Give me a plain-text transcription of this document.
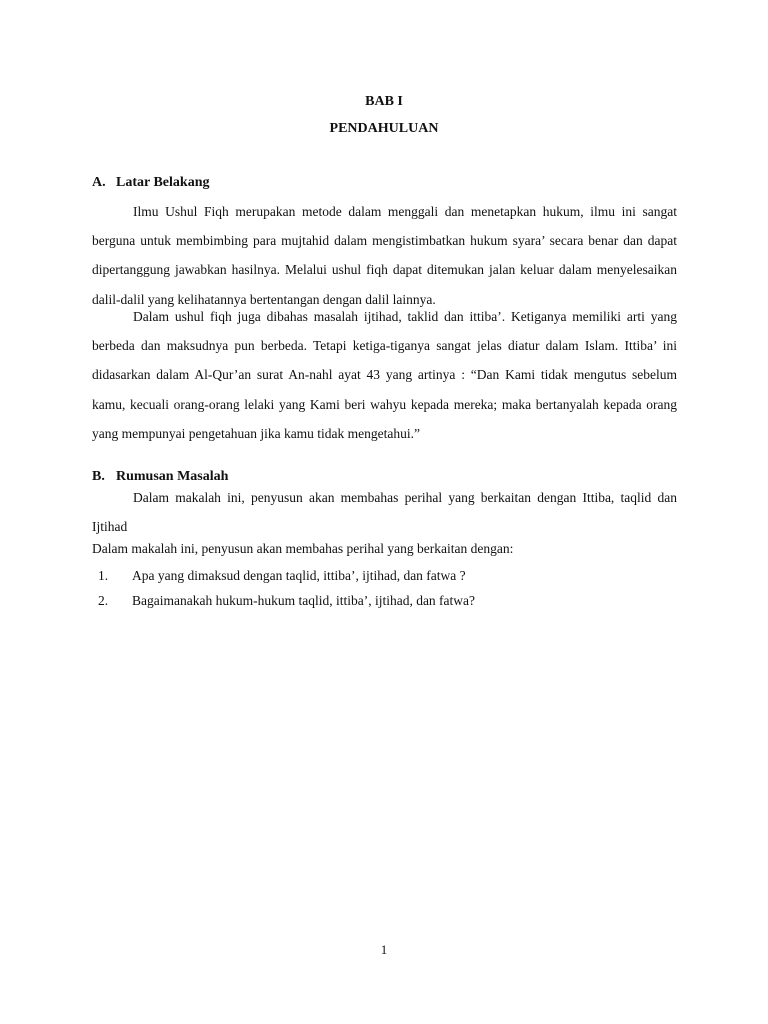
BAB I
PENDAHULUAN
A. Latar Belakang

Ilmu Ushul Fiqh merupakan metode dalam menggali dan menetapkan hukum, ilmu ini sangat berguna untuk membimbing para mujtahid dalam mengistimbatkan hukum syara’ secara benar dan dapat dipertanggung jawabkan hasilnya. Melalui ushul fiqh dapat ditemukan jalan keluar dalam menyelesaikan dalil-dalil yang kelihatannya bertentangan dengan dalil lainnya.

Dalam ushul fiqh juga dibahas masalah ijtihad, taklid dan ittiba’. Ketiganya memiliki arti yang berbeda dan maksudnya pun berbeda. Tetapi ketiga-tiganya sangat jelas diatur dalam Islam. Ittiba’ ini didasarkan dalam Al-Qur’an surat An-nahl ayat 43 yang artinya : “Dan Kami tidak mengutus sebelum kamu, kecuali orang-orang lelaki yang Kami beri wahyu kepada mereka; maka bertanyalah kepada orang yang mempunyai pengetahuan jika kamu tidak mengetahui.”

B. Rumusan Masalah

Dalam makalah ini, penyusun akan membahas perihal yang berkaitan dengan Ittiba, taqlid dan Ijtihad

Dalam makalah ini, penyusun akan membahas perihal yang berkaitan dengan:

1. Apa yang dimaksud dengan taqlid, ittiba’, ijtihad, dan fatwa ?
2. Bagaimanakah hukum-hukum taqlid, ittiba’, ijtihad, dan fatwa?
1
